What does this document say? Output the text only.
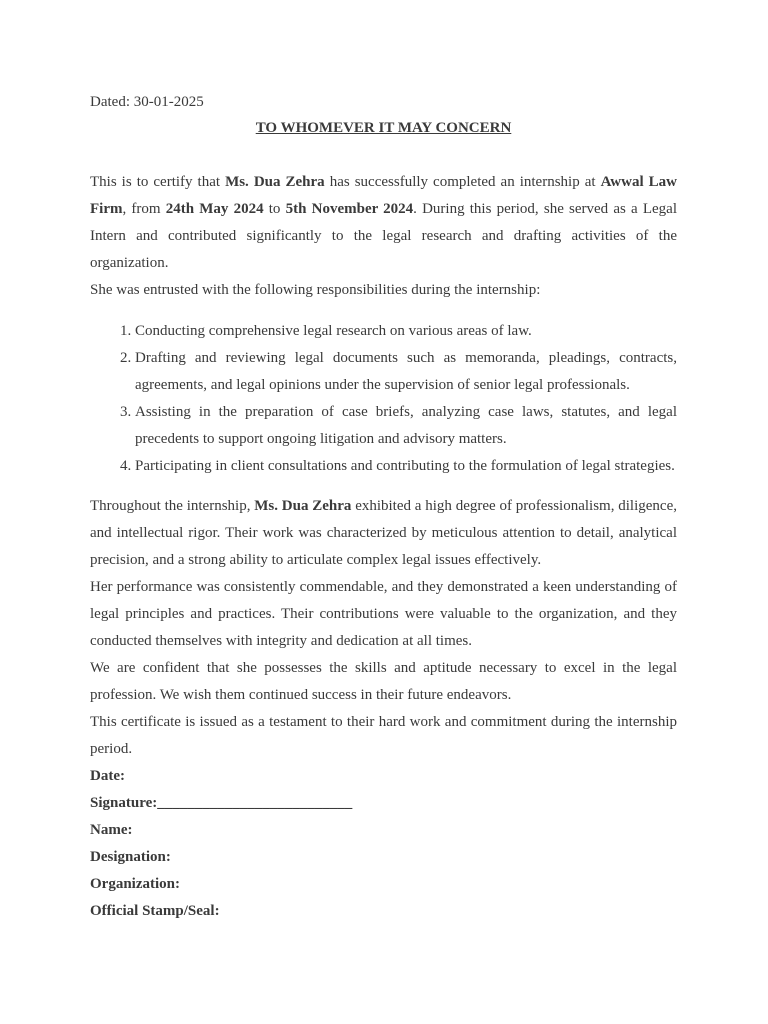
Dated: 30-01-2025

TO WHOMEVER IT MAY CONCERN

This is to certify that Ms. Dua Zehra has successfully completed an internship at Awwal Law Firm, from 24th May 2024 to 5th November 2024. During this period, she served as a Legal Intern and contributed significantly to the legal research and drafting activities of the organization.

She was entrusted with the following responsibilities during the internship:

1. Conducting comprehensive legal research on various areas of law.
2. Drafting and reviewing legal documents such as memoranda, pleadings, contracts, agreements, and legal opinions under the supervision of senior legal professionals.
3. Assisting in the preparation of case briefs, analyzing case laws, statutes, and legal precedents to support ongoing litigation and advisory matters.
4. Participating in client consultations and contributing to the formulation of legal strategies.

Throughout the internship, Ms. Dua Zehra exhibited a high degree of professionalism, diligence, and intellectual rigor. Their work was characterized by meticulous attention to detail, analytical precision, and a strong ability to articulate complex legal issues effectively.

Her performance was consistently commendable, and they demonstrated a keen understanding of legal principles and practices. Their contributions were valuable to the organization, and they conducted themselves with integrity and dedication at all times.

We are confident that she possesses the skills and aptitude necessary to excel in the legal profession. We wish them continued success in their future endeavors.

This certificate is issued as a testament to their hard work and commitment during the internship period.

Date:

Signature:__________________________

Name:

Designation:

Organization:

Official Stamp/Seal:
